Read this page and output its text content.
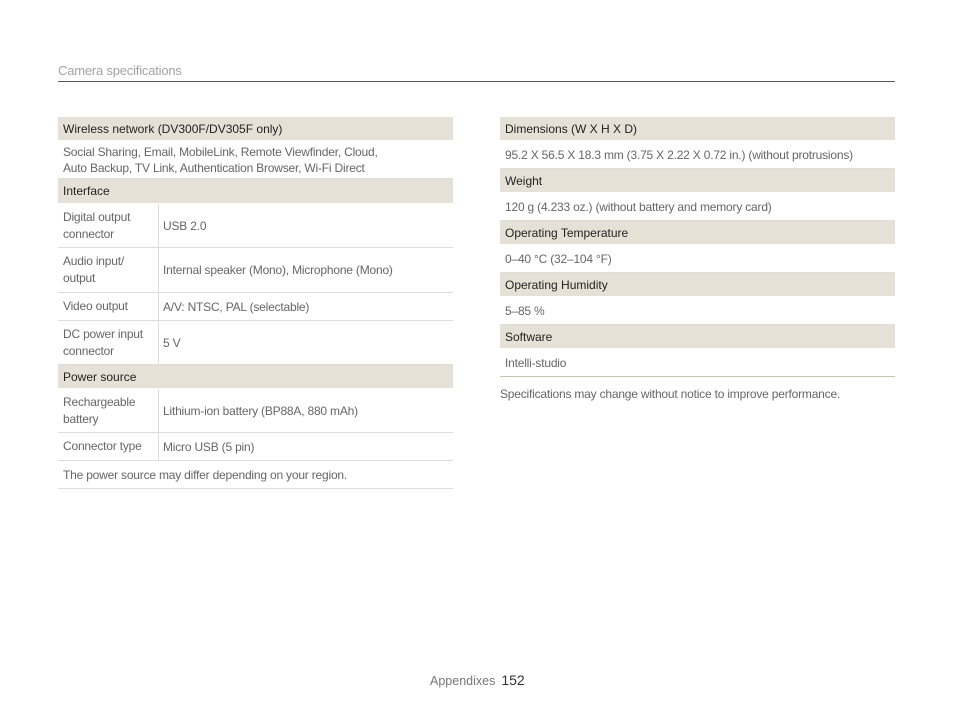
Camera specifications
Wireless network (DV300F/DV305F only)
Social Sharing, Email, MobileLink, Remote Viewfinder, Cloud,
Auto Backup, TV Link, Authentication Browser, Wi-Fi Direct
Interface
Digital output
connector
USB 2.0
Audio input/
output
Internal speaker (Mono), Microphone (Mono)
Video output	A/V: NTSC, PAL (selectable)
DC power input
connector
5 V
Power source
Rechargeable
battery
Lithium-ion battery (BP88A, 880 mAh)
Connector type	Micro USB (5 pin)
The power source may differ depending on your region.
Dimensions (W X H X D)
95.2 X 56.5 X 18.3 mm (3.75 X 2.22 X 0.72 in.) (without protrusions)
Weight
120 g (4.233 oz.) (without battery and memory card)
Operating Temperature
0–40 °C (32–104 °F)
Operating Humidity
5–85 %
Software
Intelli-studio
Specifications may change without notice to improve performance.
Appendixes 152
